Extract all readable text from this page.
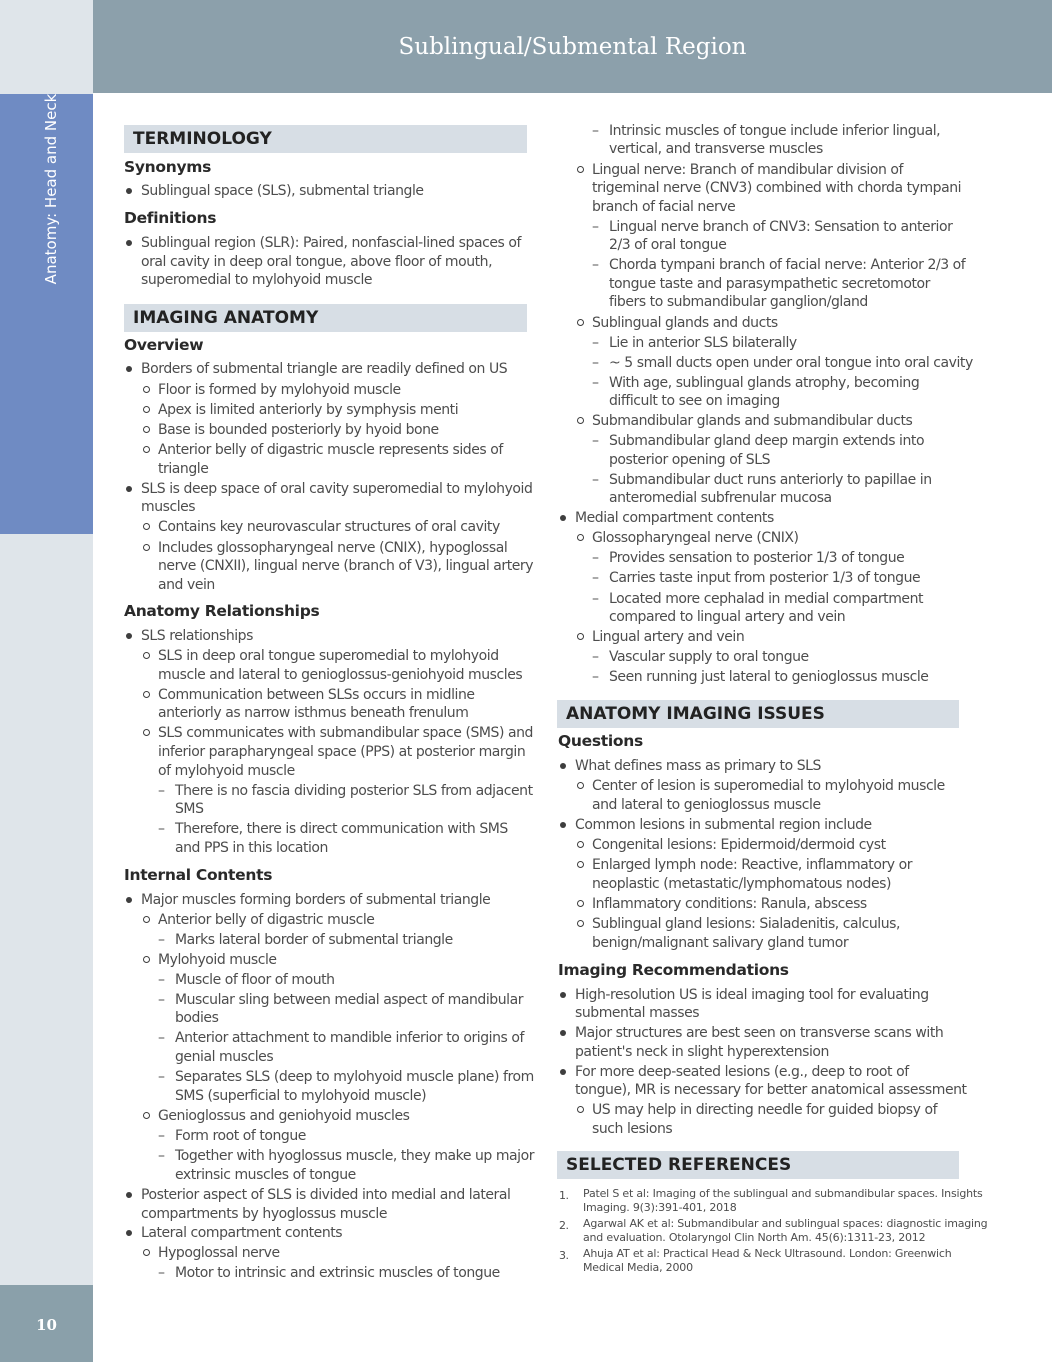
Anatomy: Head and Neck
10
Sublingual/Submental Region
TERMINOLOGY
Synonyms
Sublingual space (SLS), submental triangle
Definitions
Sublingual region (SLR): Paired, nonfascial-lined spaces of
oral cavity in deep oral tongue, above floor of mouth,
superomedial to mylohyoid muscle
IMAGING ANATOMY
Overview
Borders of submental triangle are readily defined on US
Floor is formed by mylohyoid muscle
Apex is limited anteriorly by symphysis menti
Base is bounded posteriorly by hyoid bone
Anterior belly of digastric muscle represents sides of
triangle
SLS is deep space of oral cavity superomedial to mylohyoid
muscles
Contains key neurovascular structures of oral cavity
Includes glossopharyngeal nerve (CNIX), hypoglossal
nerve (CNXII), lingual nerve (branch of V3), lingual artery
and vein
Anatomy Relationships
SLS relationships
SLS in deep oral tongue superomedial to mylohyoid
muscle and lateral to genioglossus-geniohyoid muscles
Communication between SLSs occurs in midline
anteriorly as narrow isthmus beneath frenulum
SLS communicates with submandibular space (SMS) and
inferior parapharyngeal space (PPS) at posterior margin
of mylohyoid muscle
– There is no fascia dividing posterior SLS from adjacent
SMS
– Therefore, there is direct communication with SMS
and PPS in this location
Internal Contents
Major muscles forming borders of submental triangle
Anterior belly of digastric muscle
– Marks lateral border of submental triangle
Mylohyoid muscle
– Muscle of floor of mouth
– Muscular sling between medial aspect of mandibular
bodies
– Anterior attachment to mandible inferior to origins of
genial muscles
– Separates SLS (deep to mylohyoid muscle plane) from
SMS (superficial to mylohyoid muscle)
Genioglossus and geniohyoid muscles
– Form root of tongue
– Together with hyoglossus muscle, they make up major
extrinsic muscles of tongue
Posterior aspect of SLS is divided into medial and lateral
compartments by hyoglossus muscle
Lateral compartment contents
Hypoglossal nerve
– Motor to intrinsic and extrinsic muscles of tongue
– Intrinsic muscles of tongue include inferior lingual,
vertical, and transverse muscles
Lingual nerve: Branch of mandibular division of
trigeminal nerve (CNV3) combined with chorda tympani
branch of facial nerve
– Lingual nerve branch of CNV3: Sensation to anterior
2/3 of oral tongue
– Chorda tympani branch of facial nerve: Anterior 2/3 of
tongue taste and parasympathetic secretomotor
fibers to submandibular ganglion/gland
Sublingual glands and ducts
– Lie in anterior SLS bilaterally
– ~ 5 small ducts open under oral tongue into oral cavity
– With age, sublingual glands atrophy, becoming
difficult to see on imaging
Submandibular glands and submandibular ducts
– Submandibular gland deep margin extends into
posterior opening of SLS
– Submandibular duct runs anteriorly to papillae in
anteromedial subfrenular mucosa
Medial compartment contents
Glossopharyngeal nerve (CNIX)
– Provides sensation to posterior 1/3 of tongue
– Carries taste input from posterior 1/3 of tongue
– Located more cephalad in medial compartment
compared to lingual artery and vein
Lingual artery and vein
– Vascular supply to oral tongue
– Seen running just lateral to genioglossus muscle
ANATOMY IMAGING ISSUES
Questions
What defines mass as primary to SLS
Center of lesion is superomedial to mylohyoid muscle
and lateral to genioglossus muscle
Common lesions in submental region include
Congenital lesions: Epidermoid/dermoid cyst
Enlarged lymph node: Reactive, inflammatory or
neoplastic (metastatic/lymphomatous nodes)
Inflammatory conditions: Ranula, abscess
Sublingual gland lesions: Sialadenitis, calculus,
benign/malignant salivary gland tumor
Imaging Recommendations
High-resolution US is ideal imaging tool for evaluating
submental masses
Major structures are best seen on transverse scans with
patient's neck in slight hyperextension
For more deep-seated lesions (e.g., deep to root of
tongue), MR is necessary for better anatomical assessment
US may help in directing needle for guided biopsy of
such lesions
SELECTED REFERENCES
1. Patel S et al: Imaging of the sublingual and submandibular spaces. Insights
Imaging. 9(3):391-401, 2018
2. Agarwal AK et al: Submandibular and sublingual spaces: diagnostic imaging
and evaluation. Otolaryngol Clin North Am. 45(6):1311-23, 2012
3. Ahuja AT et al: Practical Head & Neck Ultrasound. London: Greenwich
Medical Media, 2000
